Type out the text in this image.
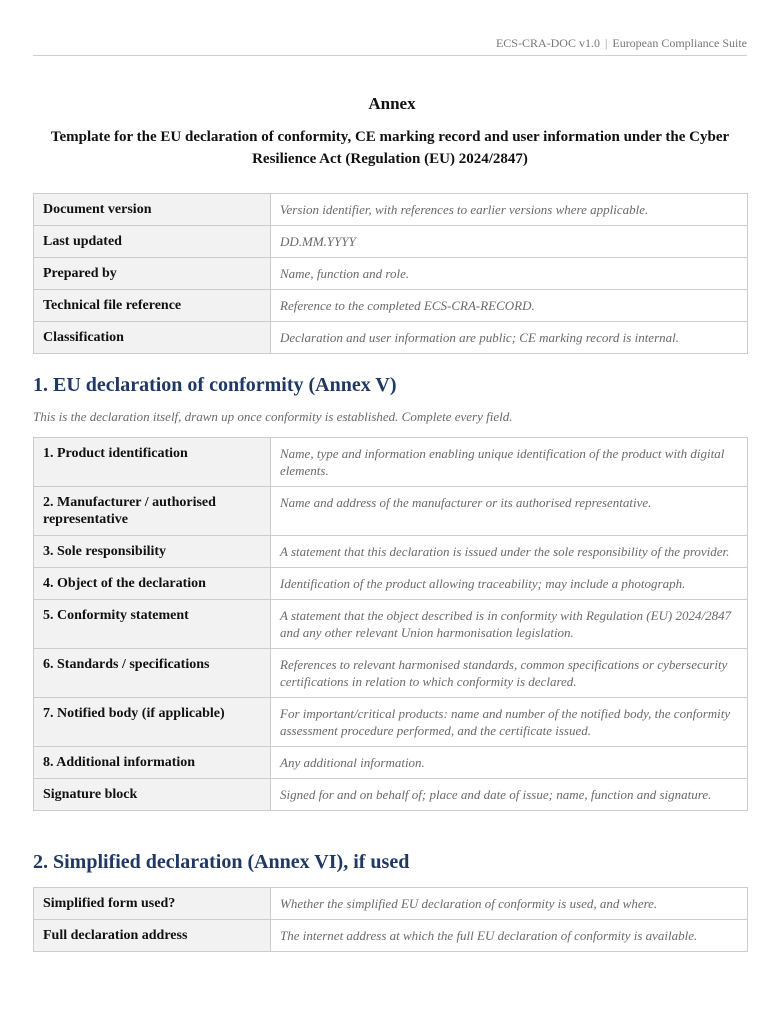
ECS-CRA-DOC v1.0 | European Compliance Suite
Annex
Template for the EU declaration of conformity, CE marking record and user information under the Cyber Resilience Act (Regulation (EU) 2024/2847)
Document version	Version identifier, with references to earlier versions where applicable.
Last updated	DD.MM.YYYY
Prepared by	Name, function and role.
Technical file reference	Reference to the completed ECS-CRA-RECORD.
Classification	Declaration and user information are public; CE marking record is internal.
1. EU declaration of conformity (Annex V)
This is the declaration itself, drawn up once conformity is established. Complete every field.
1. Product identification	Name, type and information enabling unique identification of the product with digital elements.
2. Manufacturer / authorised representative	Name and address of the manufacturer or its authorised representative.
3. Sole responsibility	A statement that this declaration is issued under the sole responsibility of the provider.
4. Object of the declaration	Identification of the product allowing traceability; may include a photograph.
5. Conformity statement	A statement that the object described is in conformity with Regulation (EU) 2024/2847 and any other relevant Union harmonisation legislation.
6. Standards / specifications	References to relevant harmonised standards, common specifications or cybersecurity certifications in relation to which conformity is declared.
7. Notified body (if applicable)	For important/critical products: name and number of the notified body, the conformity assessment procedure performed, and the certificate issued.
8. Additional information	Any additional information.
Signature block	Signed for and on behalf of; place and date of issue; name, function and signature.
2. Simplified declaration (Annex VI), if used
Simplified form used?	Whether the simplified EU declaration of conformity is used, and where.
Full declaration address	The internet address at which the full EU declaration of conformity is available.
